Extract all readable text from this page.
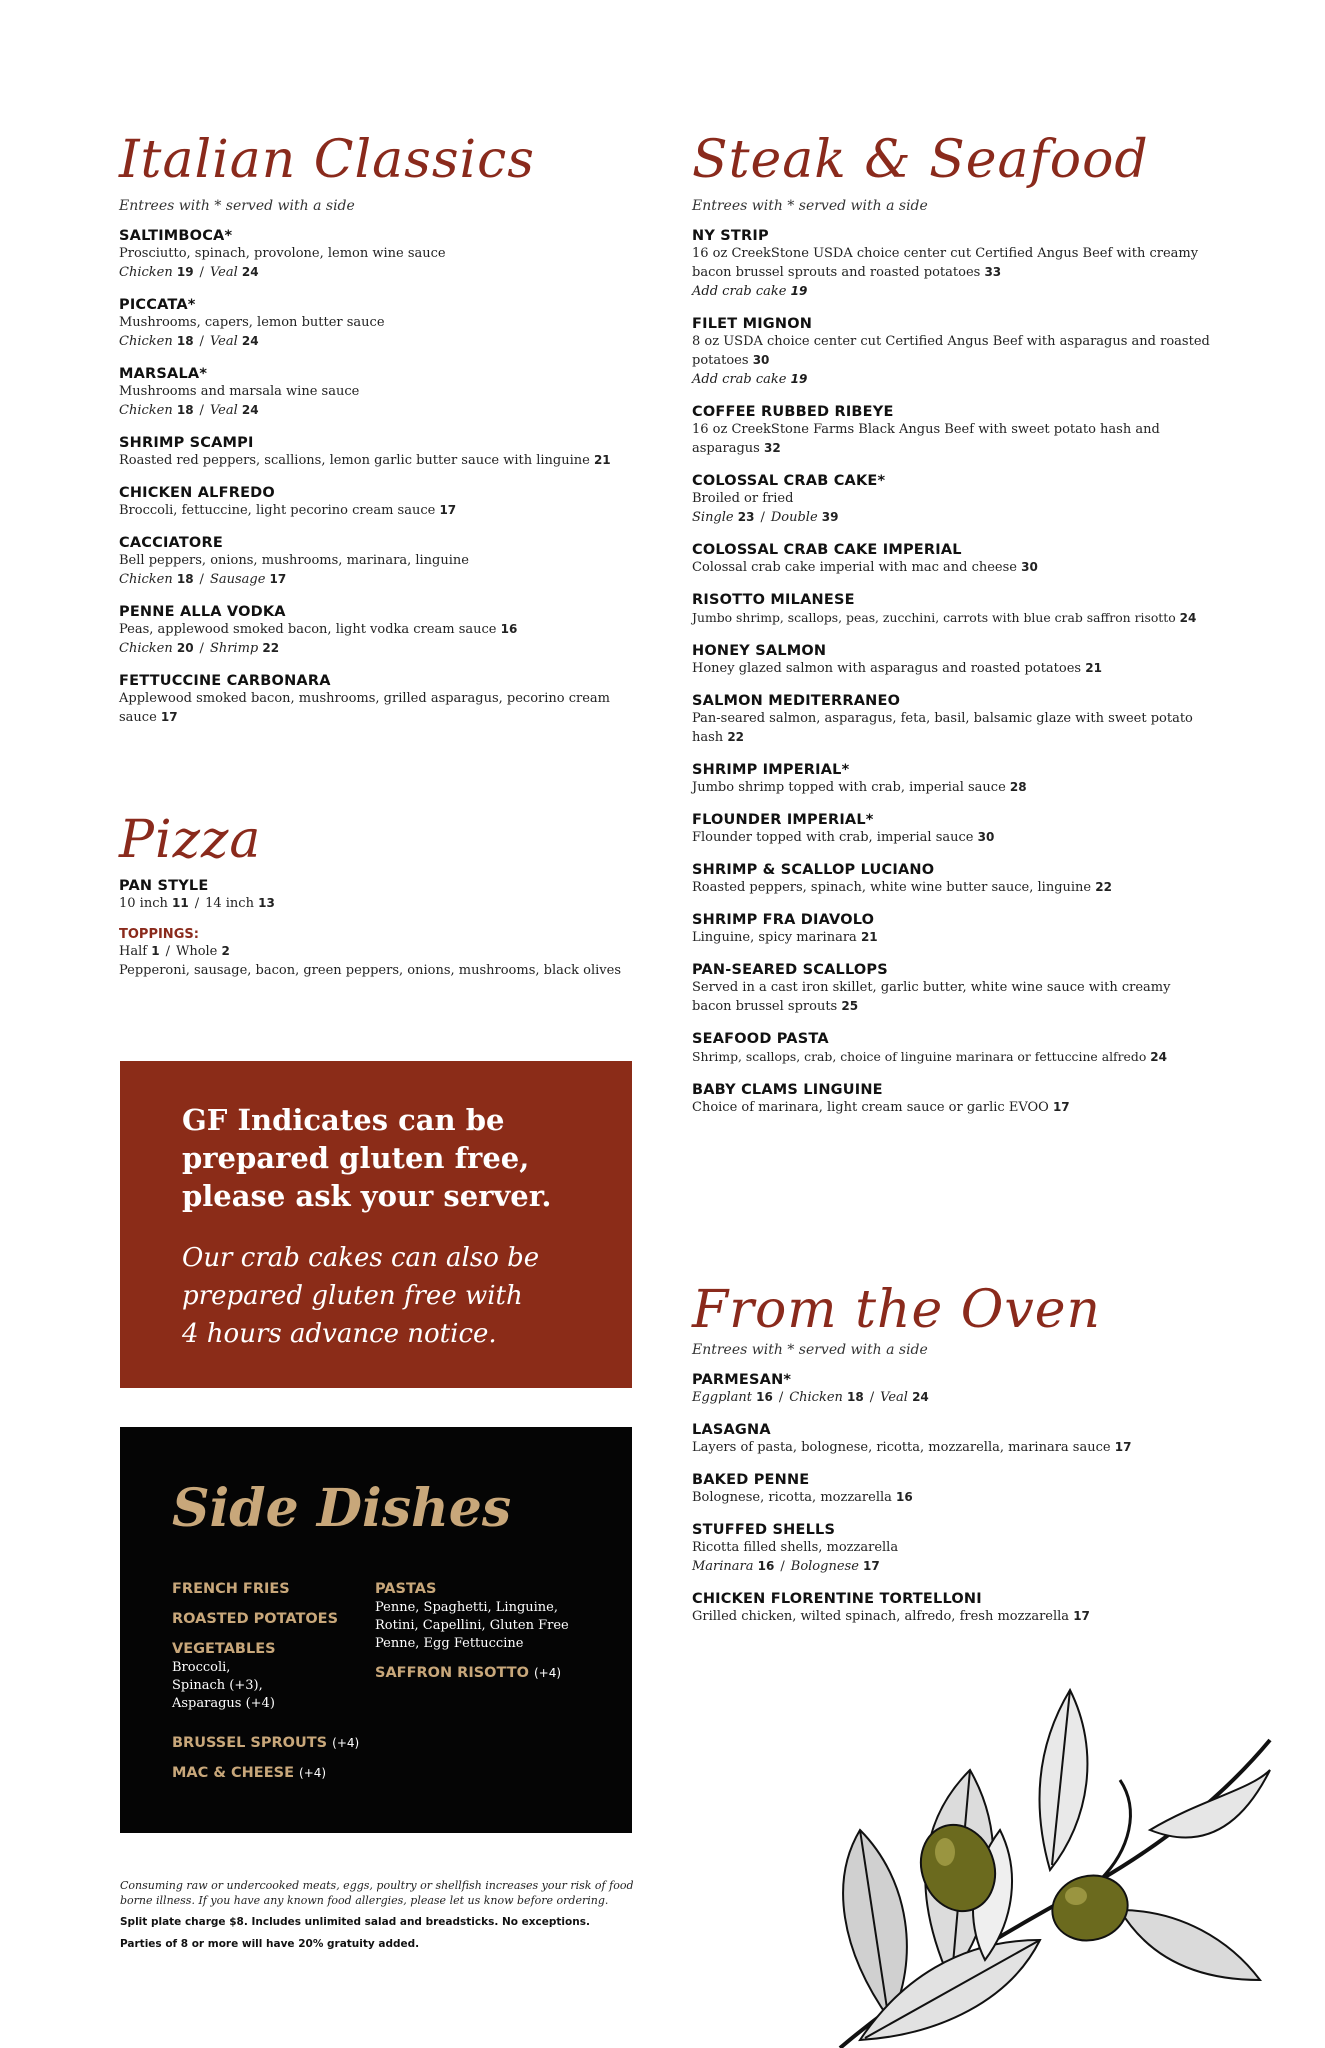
Italian Classics
Entrees with * served with a side
SALTIMBOCA*
Prosciutto, spinach, provolone, lemon wine sauce
Chicken 19 / Veal 24
PICCATA*
Mushrooms, capers, lemon butter sauce
Chicken 18 / Veal 24
MARSALA*
Mushrooms and marsala wine sauce
Chicken 18 / Veal 24
SHRIMP SCAMPI
Roasted red peppers, scallions, lemon garlic butter sauce with linguine 21
CHICKEN ALFREDO
Broccoli, fettuccine, light pecorino cream sauce 17
CACCIATORE
Bell peppers, onions, mushrooms, marinara, linguine
Chicken 18 / Sausage 17
PENNE ALLA VODKA
Peas, applewood smoked bacon, light vodka cream sauce 16
Chicken 20 / Shrimp 22
FETTUCCINE CARBONARA
Applewood smoked bacon, mushrooms, grilled asparagus, pecorino cream sauce 17
Pizza
PAN STYLE
10 inch 11 / 14 inch 13
TOPPINGS:
Half 1 / Whole 2
Pepperoni, sausage, bacon, green peppers, onions, mushrooms, black olives
GF Indicates can be
prepared gluten free,
please ask your server.
Our crab cakes can also be
prepared gluten free with
4 hours advance notice.
Side Dishes
FRENCH FRIES
ROASTED POTATOES
VEGETABLES
Broccoli,
Spinach (+3),
Asparagus (+4)
BRUSSEL SPROUTS (+4)
MAC & CHEESE (+4)
PASTAS
Penne, Spaghetti, Linguine, Rotini, Capellini, Gluten Free Penne, Egg Fettuccine
SAFFRON RISOTTO (+4)
Consuming raw or undercooked meats, eggs, poultry or shellfish increases your risk of food borne illness. If you have any known food allergies, please let us know before ordering.
Split plate charge $8. Includes unlimited salad and breadsticks. No exceptions.
Parties of 8 or more will have 20% gratuity added.
Steak & Seafood
Entrees with * served with a side
NY STRIP
16 oz CreekStone USDA choice center cut Certified Angus Beef with creamy bacon brussel sprouts and roasted potatoes 33
Add crab cake 19
FILET MIGNON
8 oz USDA choice center cut Certified Angus Beef with asparagus and roasted potatoes 30
Add crab cake 19
COFFEE RUBBED RIBEYE
16 oz CreekStone Farms Black Angus Beef with sweet potato hash and asparagus 32
COLOSSAL CRAB CAKE*
Broiled or fried
Single 23 / Double 39
COLOSSAL CRAB CAKE IMPERIAL
Colossal crab cake imperial with mac and cheese 30
RISOTTO MILANESE
Jumbo shrimp, scallops, peas, zucchini, carrots with blue crab saffron risotto 24
HONEY SALMON
Honey glazed salmon with asparagus and roasted potatoes 21
SALMON MEDITERRANEO
Pan-seared salmon, asparagus, feta, basil, balsamic glaze with sweet potato hash 22
SHRIMP IMPERIAL*
Jumbo shrimp topped with crab, imperial sauce 28
FLOUNDER IMPERIAL*
Flounder topped with crab, imperial sauce 30
SHRIMP & SCALLOP LUCIANO
Roasted peppers, spinach, white wine butter sauce, linguine 22
SHRIMP FRA DIAVOLO
Linguine, spicy marinara 21
PAN-SEARED SCALLOPS
Served in a cast iron skillet, garlic butter, white wine sauce with creamy bacon brussel sprouts 25
SEAFOOD PASTA
Shrimp, scallops, crab, choice of linguine marinara or fettuccine alfredo 24
BABY CLAMS LINGUINE
Choice of marinara, light cream sauce or garlic EVOO 17
From the Oven
Entrees with * served with a side
PARMESAN*
Eggplant 16 / Chicken 18 / Veal 24
LASAGNA
Layers of pasta, bolognese, ricotta, mozzarella, marinara sauce 17
BAKED PENNE
Bolognese, ricotta, mozzarella 16
STUFFED SHELLS
Ricotta filled shells, mozzarella
Marinara 16 / Bolognese 17
CHICKEN FLORENTINE TORTELLONI
Grilled chicken, wilted spinach, alfredo, fresh mozzarella 17
